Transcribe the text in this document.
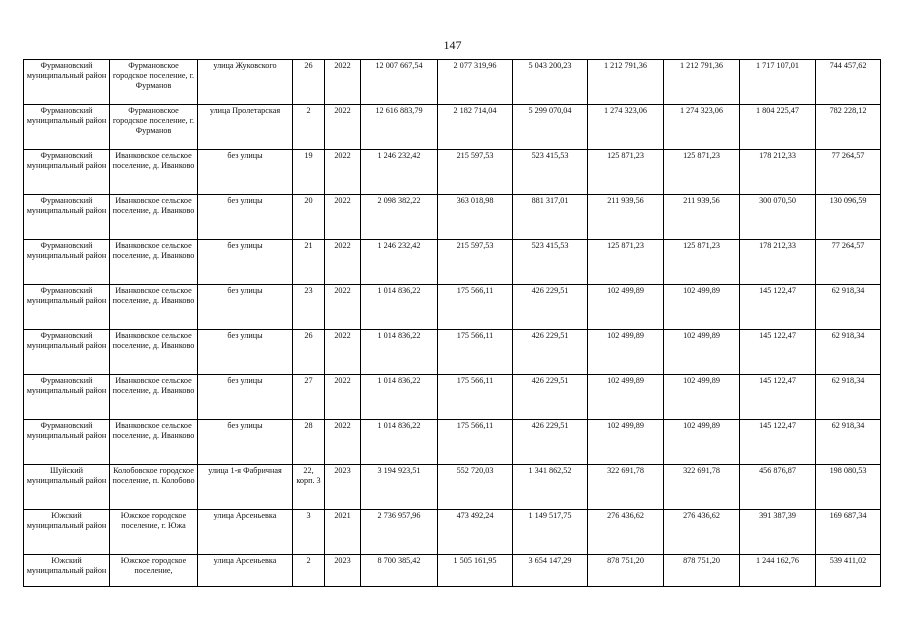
147
Фурмановский муниципальный район	Фурмановское городское поселение, г. Фурманов	улица Жуковского	26	2022	12 007 667,54	2 077 319,96	5 043 200,23	1 212 791,36	1 212 791,36	1 717 107,01	744 457,62
Фурмановский муниципальный район	Фурмановское городское поселение, г. Фурманов	улица Пролетарская	2	2022	12 616 883,79	2 182 714,04	5 299 070,04	1 274 323,06	1 274 323,06	1 804 225,47	782 228,12
Фурмановский муниципальный район	Иванковское сельское поселение, д. Иванково	без улицы	19	2022	1 246 232,42	215 597,53	523 415,53	125 871,23	125 871,23	178 212,33	77 264,57
Фурмановский муниципальный район	Иванковское сельское поселение, д. Иванково	без улицы	20	2022	2 098 382,22	363 018,98	881 317,01	211 939,56	211 939,56	300 070,50	130 096,59
Фурмановский муниципальный район	Иванковское сельское поселение, д. Иванково	без улицы	21	2022	1 246 232,42	215 597,53	523 415,53	125 871,23	125 871,23	178 212,33	77 264,57
Фурмановский муниципальный район	Иванковское сельское поселение, д. Иванково	без улицы	23	2022	1 014 836,22	175 566,11	426 229,51	102 499,89	102 499,89	145 122,47	62 918,34
Фурмановский муниципальный район	Иванковское сельское поселение, д. Иванково	без улицы	26	2022	1 014 836,22	175 566,11	426 229,51	102 499,89	102 499,89	145 122,47	62 918,34
Фурмановский муниципальный район	Иванковское сельское поселение, д. Иванково	без улицы	27	2022	1 014 836,22	175 566,11	426 229,51	102 499,89	102 499,89	145 122,47	62 918,34
Фурмановский муниципальный район	Иванковское сельское поселение, д. Иванково	без улицы	28	2022	1 014 836,22	175 566,11	426 229,51	102 499,89	102 499,89	145 122,47	62 918,34
Шуйский муниципальный район	Колобовское городское поселение, п. Колобово	улица 1-я Фабричная	22, корп. 3	2023	3 194 923,51	552 720,03	1 341 862,52	322 691,78	322 691,78	456 876,87	198 080,53
Южский муниципальный район	Южское городское поселение, г. Южа	улица Арсеньевка	3	2021	2 736 957,96	473 492,24	1 149 517,75	276 436,62	276 436,62	391 387,39	169 687,34
Южский муниципальный район	Южское городское поселение,	улица Арсеньевка	2	2023	8 700 385,42	1 505 161,95	3 654 147,29	878 751,20	878 751,20	1 244 162,76	539 411,02
